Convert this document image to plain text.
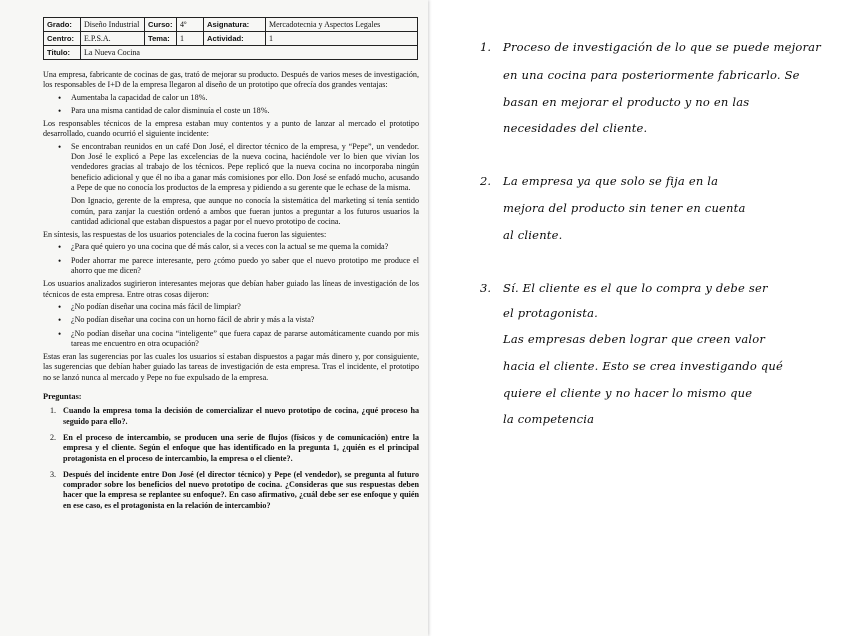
Grado:	Diseño Industrial	Curso:	4º	Asignatura:	Mercadotecnia y Aspectos Legales
Centro:	E.P.S.A.	Tema:	1	Actividad:	1
Titulo:	La Nueva Cocina				

Una empresa, fabricante de cocinas de gas, trató de mejorar su producto. Después de varios meses de investigación, los responsables de I+D de la empresa llegaron al diseño de un prototipo que ofrecía dos grandes ventajas:

• Aumentaba la capacidad de calor un 18%.
• Para una misma cantidad de calor disminuía el coste un 18%.

Los responsables técnicos de la empresa estaban muy contentos y a punto de lanzar al mercado el prototipo desarrollado, cuando ocurrió el siguiente incidente:

• Se encontraban reunidos en un café Don José, el director técnico de la empresa, y “Pepe”, un vendedor. Don José le explicó a Pepe las excelencias de la nueva cocina, haciéndole ver lo bien que vivían los vendedores gracias al trabajo de los técnicos. Pepe replicó que la nueva cocina no incorporaba ningún beneficio adicional y que él no iba a ganar más comisiones por ello. Don José se enfadó mucho, acusando a Pepe de que no conocía los productos de la empresa y pidiendo a su gerente que le echase de la misma.

Don Ignacio, gerente de la empresa, que aunque no conocía la sistemática del marketing sí tenía sentido común, para zanjar la cuestión ordenó a ambos que fueran juntos a preguntar a los futuros usuarios la cantidad adicional que estaban dispuestos a pagar por el nuevo prototipo de cocina.

En síntesis, las respuestas de los usuarios potenciales de la cocina fueron las siguientes:

• ¿Para qué quiero yo una cocina que dé más calor, si a veces con la actual se me quema la comida?
• Poder ahorrar me parece interesante, pero ¿cómo puedo yo saber que el nuevo prototipo me produce el ahorro que me dicen?

Los usuarios analizados sugirieron interesantes mejoras que debían haber guiado las líneas de investigación de los técnicos de esta empresa. Entre otras cosas dijeron:

• ¿No podían diseñar una cocina más fácil de limpiar?
• ¿No podían diseñar una cocina con un horno fácil de abrir y más a la vista?
• ¿No podían diseñar una cocina “inteligente” que fuera capaz de pararse automáticamente cuando por mis tareas me encuentro en otra ocupación?

Estas eran las sugerencias por las cuales los usuarios sí estaban dispuestos a pagar más dinero y, por consiguiente, las sugerencias que debían haber guiado las tareas de investigación de esta empresa. Tras el incidente, el prototipo no se lanzó nunca al mercado y Pepe no fue expulsado de la empresa.

Preguntas:

1. Cuando la empresa toma la decisión de comercializar el nuevo prototipo de cocina, ¿qué proceso ha seguido para ello?.
2. En el proceso de intercambio, se producen una serie de flujos (físicos y de comunicación) entre la empresa y el cliente. Según el enfoque que has identificado en la pregunta 1, ¿quién es el principal protagonista en el proceso de intercambio, la empresa o el cliente?.
3. Después del incidente entre Don José (el director técnico) y Pepe (el vendedor), se pregunta al futuro comprador sobre los beneficios del nuevo prototipo de cocina. ¿Consideras que sus respuestas deben hacer que la empresa se replantee su enfoque?. En caso afirmativo, ¿cuál debe ser ese enfoque y quién en ese caso, es el protagonista en la relación de intercambio?
1. Proceso de investigación de lo que se puede mejorar
en una cocina para posteriormente fabricarlo. Se
basan en mejorar el producto y no en las
necesidades del cliente.
2. La empresa ya que solo se fija en la
mejora del producto sin tener en cuenta
al cliente.
3. Sí. El cliente es el que lo compra y debe ser
el protagonista.
Las empresas deben lograr que creen valor
hacia el cliente. Esto se crea investigando qué
quiere el cliente y no hacer lo mismo que
la competencia
